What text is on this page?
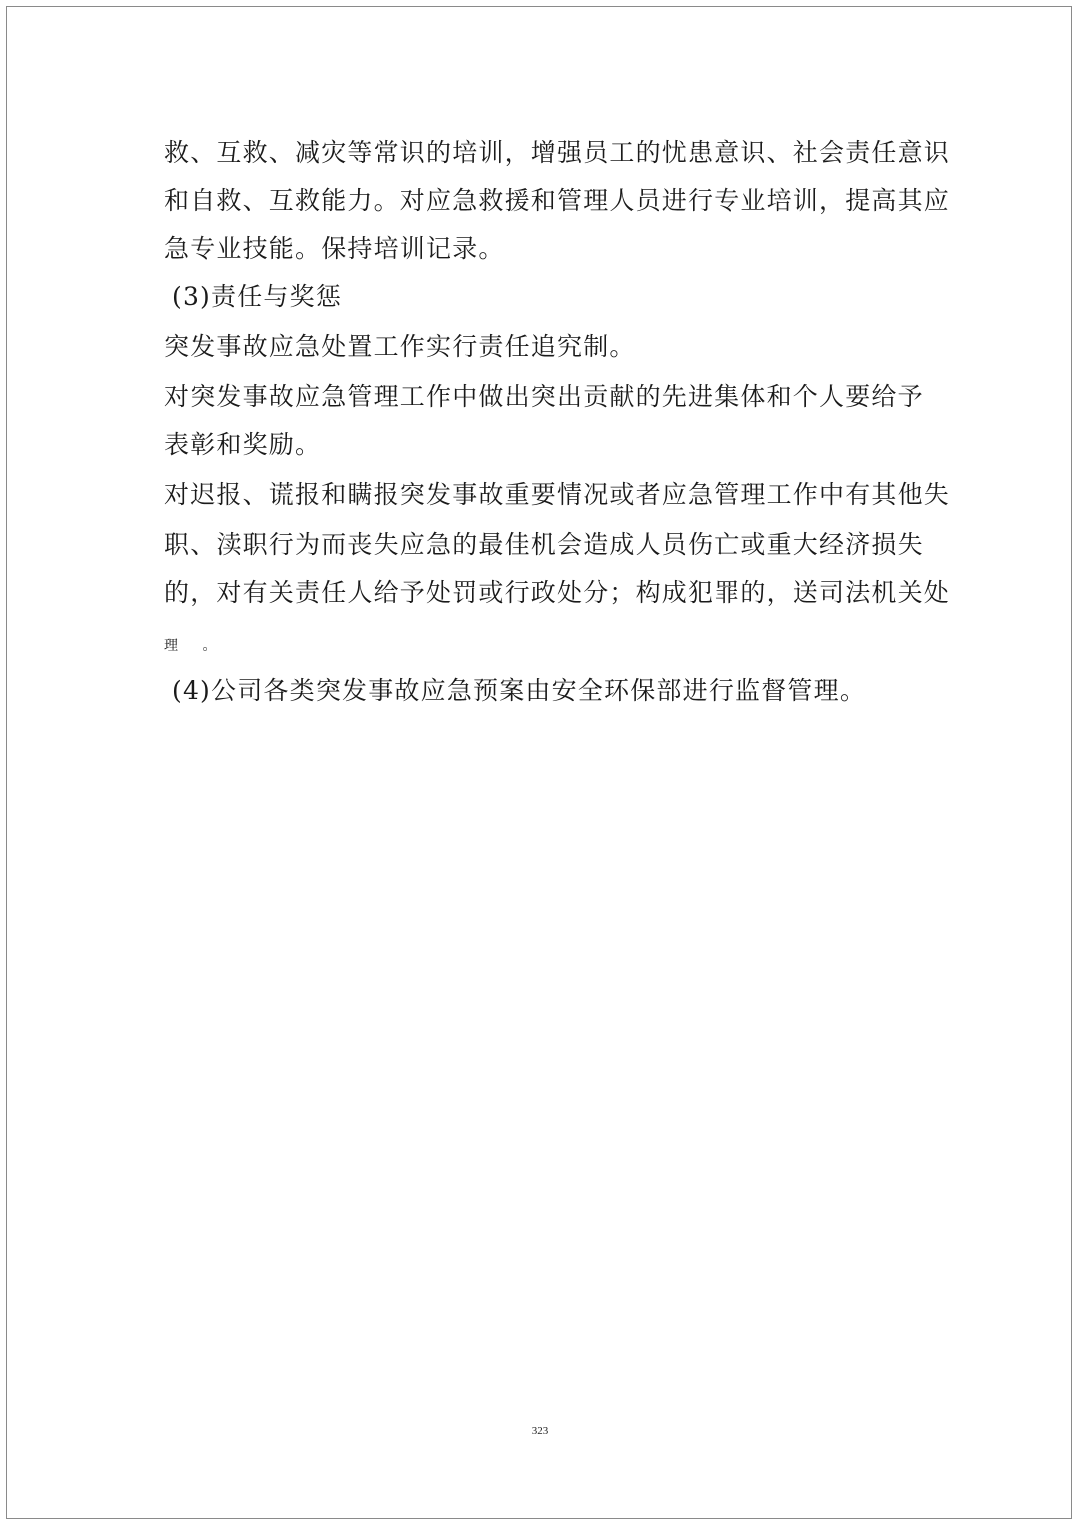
救、互救、减灾等常识的培训，增强员工的忧患意识、社会责任意识
和自救、互救能力。对应急救援和管理人员进行专业培训，提高其应
急专业技能。保持培训记录。
(3)责任与奖惩
突发事故应急处置工作实行责任追究制。
对突发事故应急管理工作中做出突出贡献的先进集体和个人要给予
表彰和奖励。
对迟报、谎报和瞒报突发事故重要情况或者应急管理工作中有其他失
职、渎职行为而丧失应急的最佳机会造成人员伤亡或重大经济损失
的，对有关责任人给予处罚或行政处分；构成犯罪的，送司法机关处
理 。
(4)公司各类突发事故应急预案由安全环保部进行监督管理。
323
